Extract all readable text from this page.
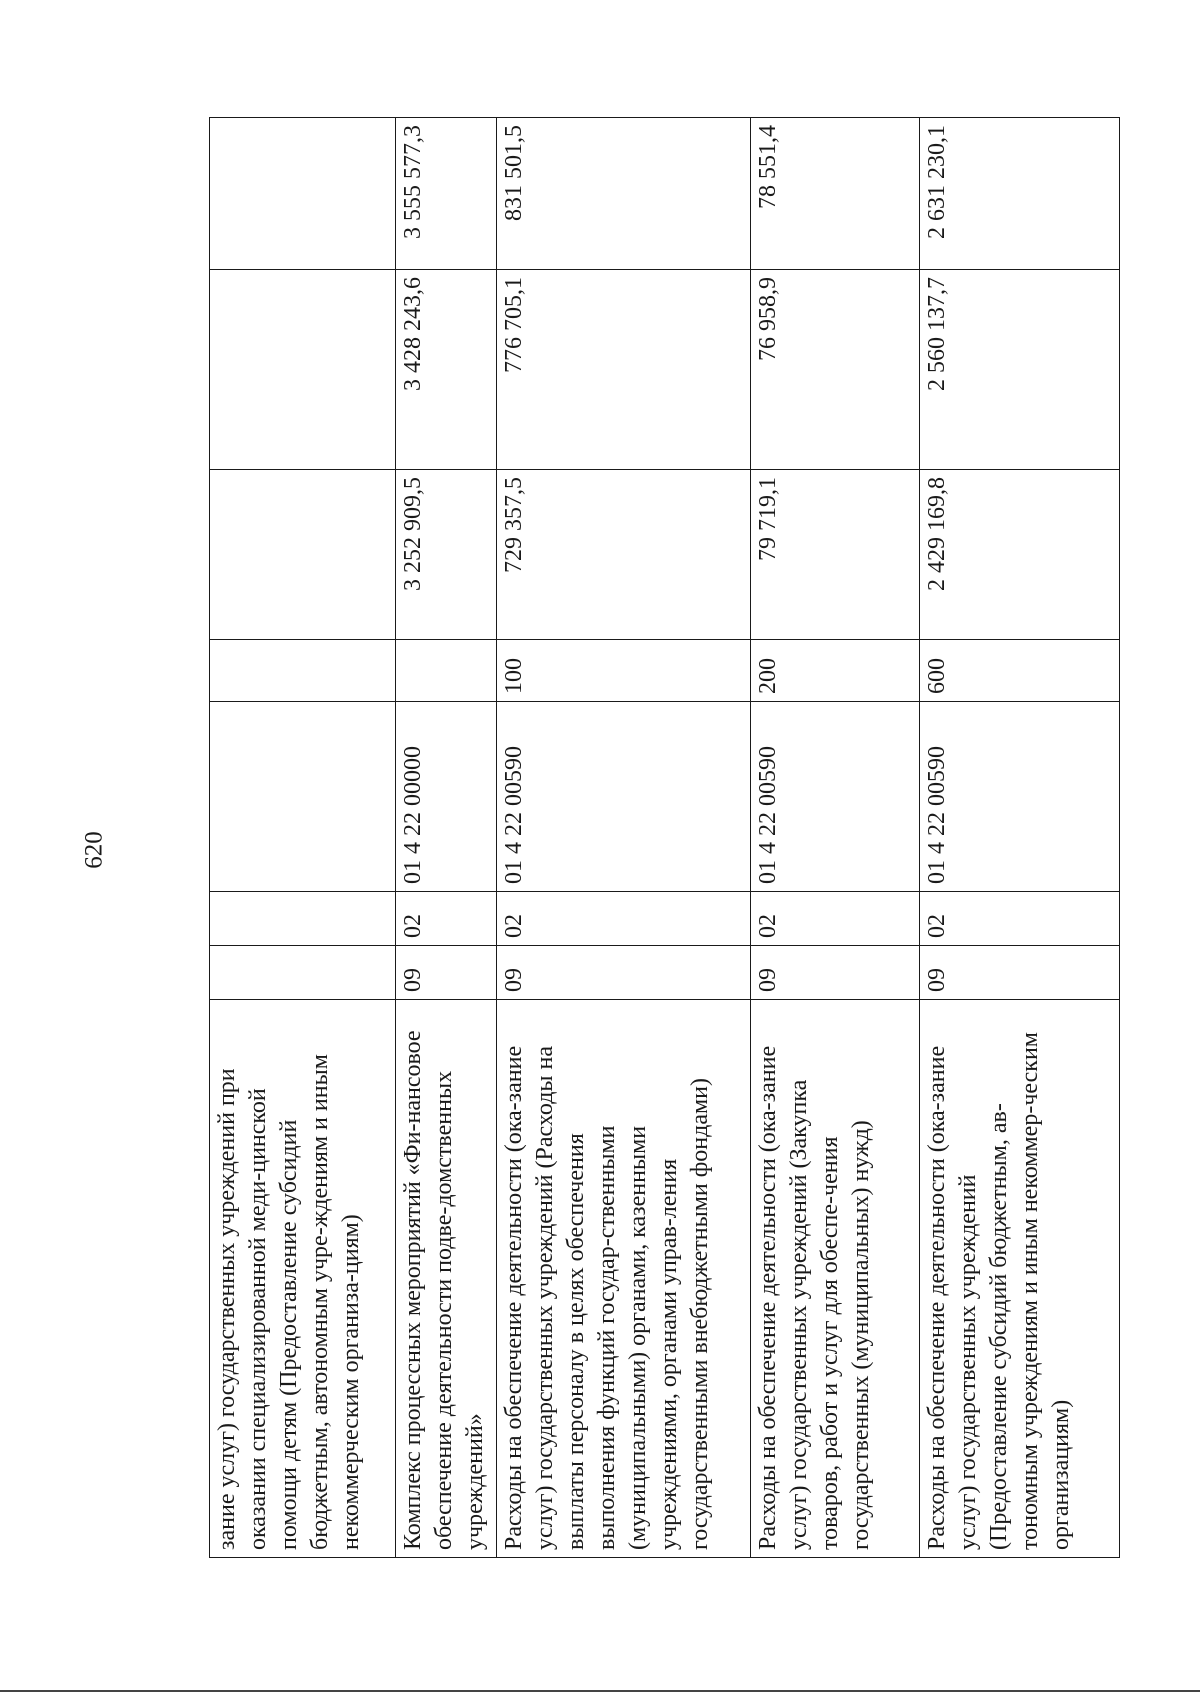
620
зание услуг) государственных учреждений при оказании специализированной меди-цинской помощи детям (Предоставление субсидий бюджетным, автономным учре-ждениям и иным некоммерческим организа-циям)							
Комплекс процессных мероприятий «Фи-нансовое обеспечение деятельности подве-домственных учреждений»	09	02	01 4 22 00000		3 252 909,5	3 428 243,6	3 555 577,3
Расходы на обеспечение деятельности (ока-зание услуг) государственных учреждений (Расходы на выплаты персоналу в целях обеспечения выполнения функций государ-ственными (муниципальными) органами, казенными учреждениями, органами управ-ления государственными внебюджетными фондами)	09	02	01 4 22 00590	100	729 357,5	776 705,1	831 501,5
Расходы на обеспечение деятельности (ока-зание услуг) государственных учреждений (Закупка товаров, работ и услуг для обеспе-чения государственных (муниципальных) нужд)	09	02	01 4 22 00590	200	79 719,1	76 958,9	78 551,4
Расходы на обеспечение деятельности (ока-зание услуг) государственных учреждений (Предоставление субсидий бюджетным, ав-тономным учреждениям и иным некоммер-ческим организациям)	09	02	01 4 22 00590	600	2 429 169,8	2 560 137,7	2 631 230,1
